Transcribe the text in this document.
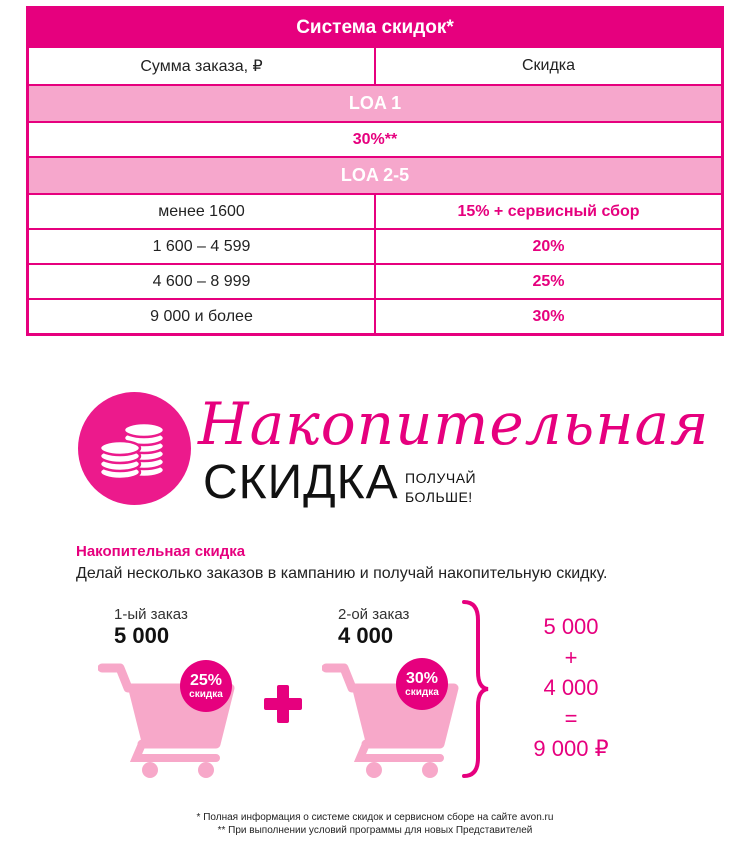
Система скидок*
Сумма заказа, ₽	Скидка
LOA 1
30%**
LOA 2-5
менее 1600	15% + сервисный сбор
1 600 – 4 599	20%
4 600 – 8 999	25%
9 000 и более	30%
Накопительная
СКИДКА ПОЛУЧАЙ
БОЛЬШЕ!
Накопительная скидка
Делай несколько заказов в кампанию и получай накопительную скидку.
1-ый заказ
5 000
25%
скидка
2-ой заказ
4 000
30%
скидка
5 000
+
4 000
=
9 000 ₽
* Полная информация о системе скидок и сервисном сборе на сайте avon.ru
** При выполнении условий программы для новых Представителей
